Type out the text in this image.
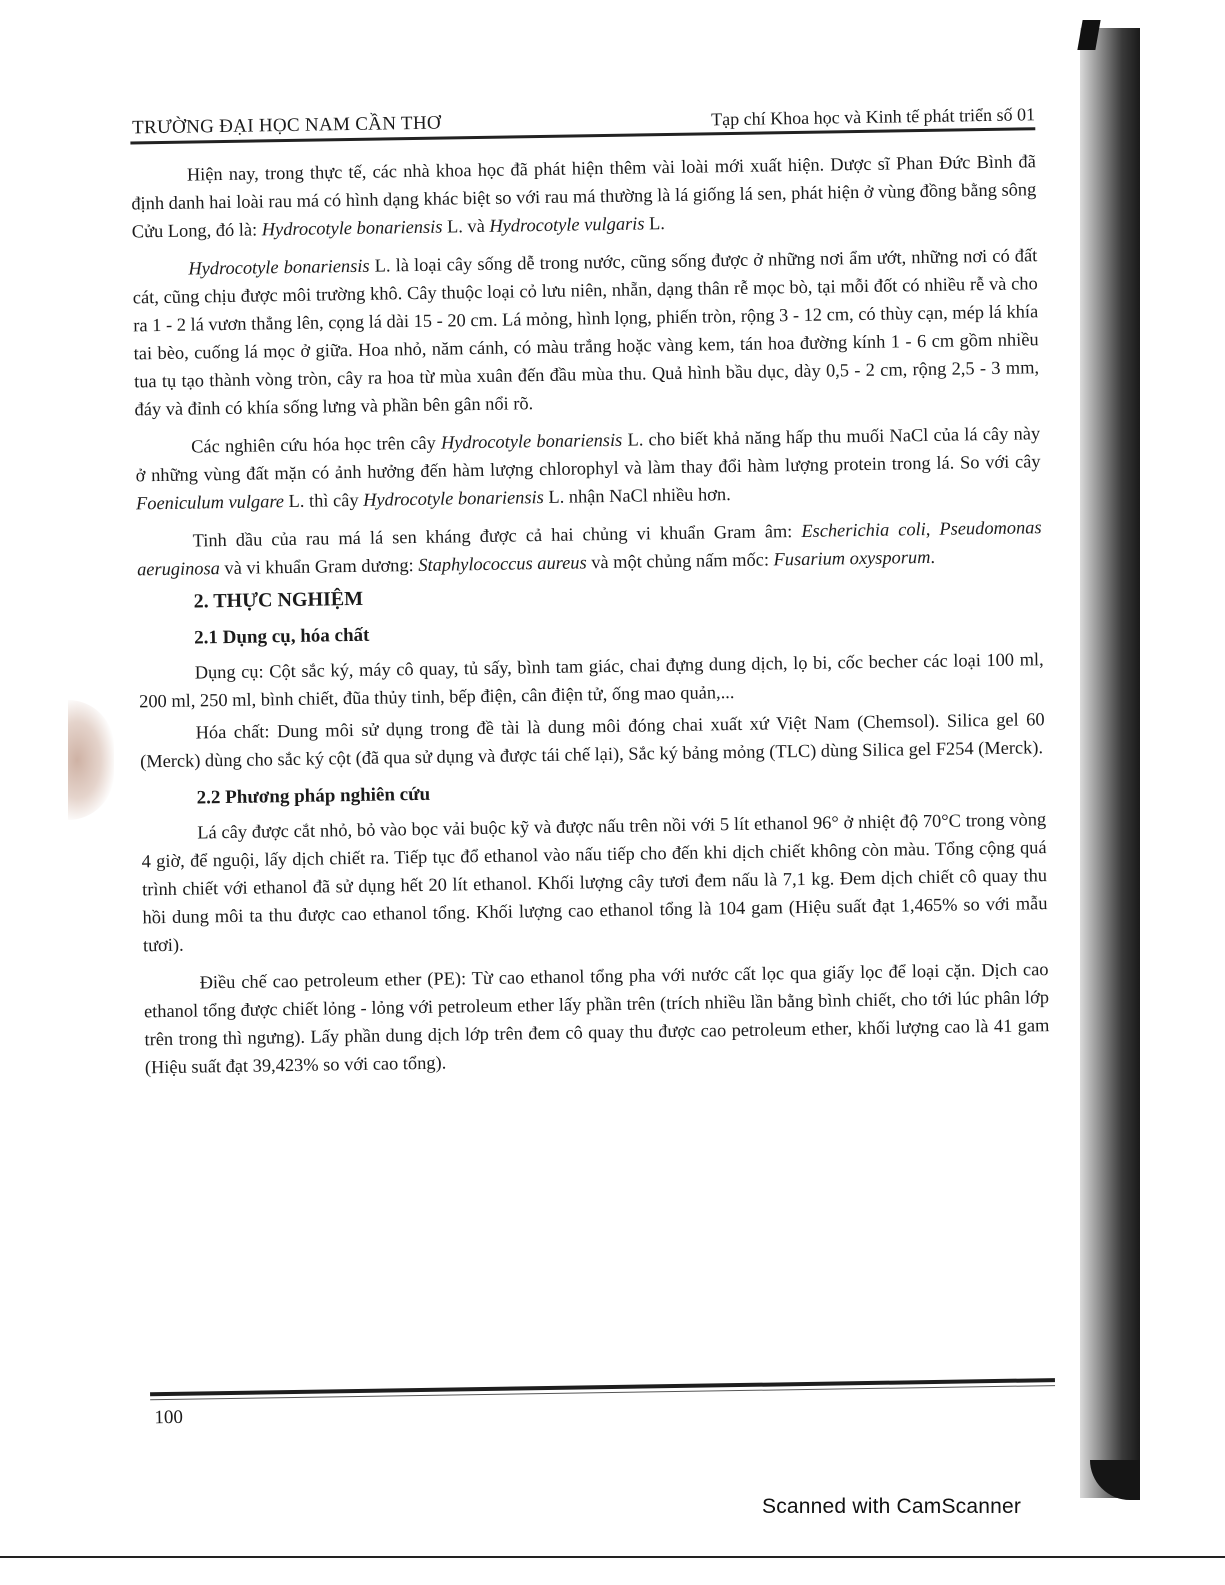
TRƯỜNG ĐẠI HỌC NAM CẦN THƠ	Tạp chí Khoa học và Kinh tế phát triển số 01

Hiện nay, trong thực tế, các nhà khoa học đã phát hiện thêm vài loài mới xuất hiện. Dược sĩ Phan Đức Bình đã định danh hai loài rau má có hình dạng khác biệt so với rau má thường là lá giống lá sen, phát hiện ở vùng đồng bằng sông Cửu Long, đó là: Hydrocotyle bonariensis L. và Hydrocotyle vulgaris L.

Hydrocotyle bonariensis L. là loại cây sống dễ trong nước, cũng sống được ở những nơi ẩm ướt, những nơi có đất cát, cũng chịu được môi trường khô. Cây thuộc loại cỏ lưu niên, nhẵn, dạng thân rễ mọc bò, tại mỗi đốt có nhiều rễ và cho ra 1 - 2 lá vươn thẳng lên, cọng lá dài 15 - 20 cm. Lá mỏng, hình lọng, phiến tròn, rộng 3 - 12 cm, có thùy cạn, mép lá khía tai bèo, cuống lá mọc ở giữa. Hoa nhỏ, năm cánh, có màu trắng hoặc vàng kem, tán hoa đường kính 1 - 6 cm gồm nhiều tua tụ tạo thành vòng tròn, cây ra hoa từ mùa xuân đến đầu mùa thu. Quả hình bầu dục, dày 0,5 - 2 cm, rộng 2,5 - 3 mm, đáy và đỉnh có khía sống lưng và phần bên gân nổi rõ.

Các nghiên cứu hóa học trên cây Hydrocotyle bonariensis L. cho biết khả năng hấp thu muối NaCl của lá cây này ở những vùng đất mặn có ảnh hưởng đến hàm lượng chlorophyl và làm thay đổi hàm lượng protein trong lá. So với cây Foeniculum vulgare L. thì cây Hydrocotyle bonariensis L. nhận NaCl nhiều hơn.

Tinh dầu của rau má lá sen kháng được cả hai chủng vi khuẩn Gram âm: Escherichia coli, Pseudomonas aeruginosa và vi khuẩn Gram dương: Staphylococcus aureus và một chủng nấm mốc: Fusarium oxysporum.

2. THỰC NGHIỆM
2.1 Dụng cụ, hóa chất

Dụng cụ: Cột sắc ký, máy cô quay, tủ sấy, bình tam giác, chai đựng dung dịch, lọ bi, cốc becher các loại 100 ml, 200 ml, 250 ml, bình chiết, đũa thủy tinh, bếp điện, cân điện tử, ống mao quản,...

Hóa chất: Dung môi sử dụng trong đề tài là dung môi đóng chai xuất xứ Việt Nam (Chemsol). Silica gel 60 (Merck) dùng cho sắc ký cột (đã qua sử dụng và được tái chế lại), Sắc ký bảng mỏng (TLC) dùng Silica gel F254 (Merck).

2.2 Phương pháp nghiên cứu

Lá cây được cắt nhỏ, bỏ vào bọc vải buộc kỹ và được nấu trên nồi với 5 lít ethanol 96° ở nhiệt độ 70°C trong vòng 4 giờ, để nguội, lấy dịch chiết ra. Tiếp tục đổ ethanol vào nấu tiếp cho đến khi dịch chiết không còn màu. Tổng cộng quá trình chiết với ethanol đã sử dụng hết 20 lít ethanol. Khối lượng cây tươi đem nấu là 7,1 kg. Đem dịch chiết cô quay thu hồi dung môi ta thu được cao ethanol tổng. Khối lượng cao ethanol tổng là 104 gam (Hiệu suất đạt 1,465% so với mẫu tươi).

Điều chế cao petroleum ether (PE): Từ cao ethanol tổng pha với nước cất lọc qua giấy lọc để loại cặn. Dịch cao ethanol tổng được chiết lỏng - lỏng với petroleum ether lấy phần trên (trích nhiều lần bằng bình chiết, cho tới lúc phân lớp trên trong thì ngưng). Lấy phần dung dịch lớp trên đem cô quay thu được cao petroleum ether, khối lượng cao là 41 gam (Hiệu suất đạt 39,423% so với cao tổng).

100
Scanned with CamScanner
